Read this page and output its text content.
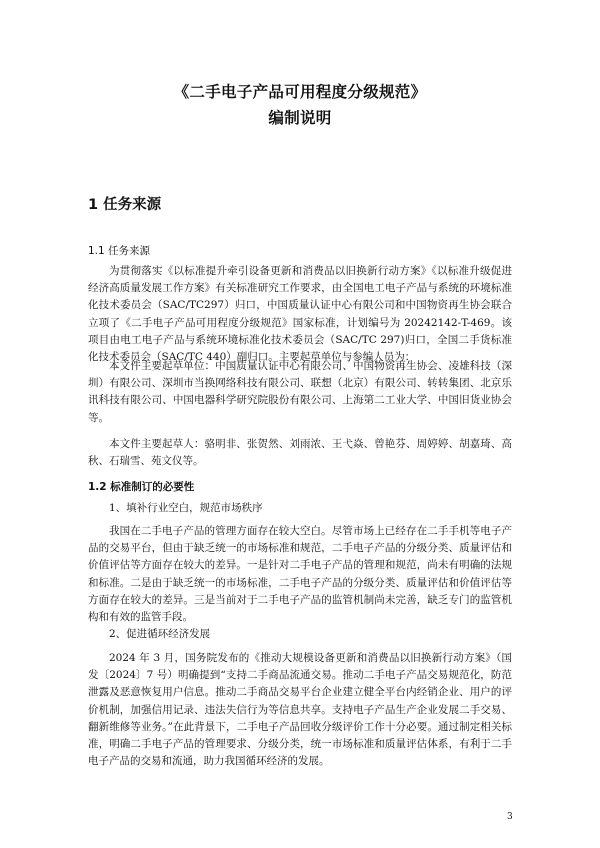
《二手电子产品可用程度分级规范》
编制说明
1 任务来源
1.1 任务来源

为贯彻落实《以标准提升牵引设备更新和消费品以旧换新行动方案》《以标准升级促进经济高质量发展工作方案》有关标准研究工作要求，由全国电工电子产品与系统的环境标准化技术委员会（SAC/TC297）归口，中国质量认证中心有限公司和中国物资再生协会联合立项了《二手电子产品可用程度分级规范》国家标准，计划编号为 20242142-T-469。该项目由电工电子产品与系统环境标准化技术委员会（SAC/TC 297)归口，全国二手货标准化技术委员会（SAC/TC 440）副归口。主要起草单位与参编人员为：

本文件主要起草单位：中国质量认证中心有限公司、中国物资再生协会、凌雄科技（深圳）有限公司、深圳市当换网络科技有限公司、联想（北京）有限公司、转转集团、北京乐讯科技有限公司、中国电器科学研究院股份有限公司、上海第二工业大学、中国旧货业协会等。

本文件主要起草人：骆明非、张贺然、刘雨浓、王弋焱、曾艳芬、周婷婷、胡嘉琦、高秋、石瑞雪、苑文仪等。

1.2 标准制订的必要性

1、填补行业空白，规范市场秩序

我国在二手电子产品的管理方面存在较大空白。尽管市场上已经存在二手手机等电子产品的交易平台，但由于缺乏统一的市场标准和规范，二手电子产品的分级分类、质量评估和价值评估等方面存在较大的差异。一是针对二手电子产品的管理和规范，尚未有明确的法规和标准。二是由于缺乏统一的市场标准，二手电子产品的分级分类、质量评估和价值评估等方面存在较大的差异。三是当前对于二手电子产品的监管机制尚未完善，缺乏专门的监管机构和有效的监管手段。

2、促进循环经济发展

2024 年 3 月，国务院发布的《推动大规模设备更新和消费品以旧换新行动方案》（国发〔2024〕7 号）明确提到“支持二手商品流通交易。推动二手电子产品交易规范化，防范泄露及恶意恢复用户信息。推动二手商品交易平台企业建立健全平台内经销企业、用户的评价机制，加强信用记录、违法失信行为等信息共享。支持电子产品生产企业发展二手交易、翻新维修等业务。”在此背景下，二手电子产品回收分级评价工作十分必要。通过制定相关标准，明确二手电子产品的管理要求、分级分类，统一市场标准和质量评估体系，有利于二手电子产品的交易和流通，助力我国循环经济的发展。

3
